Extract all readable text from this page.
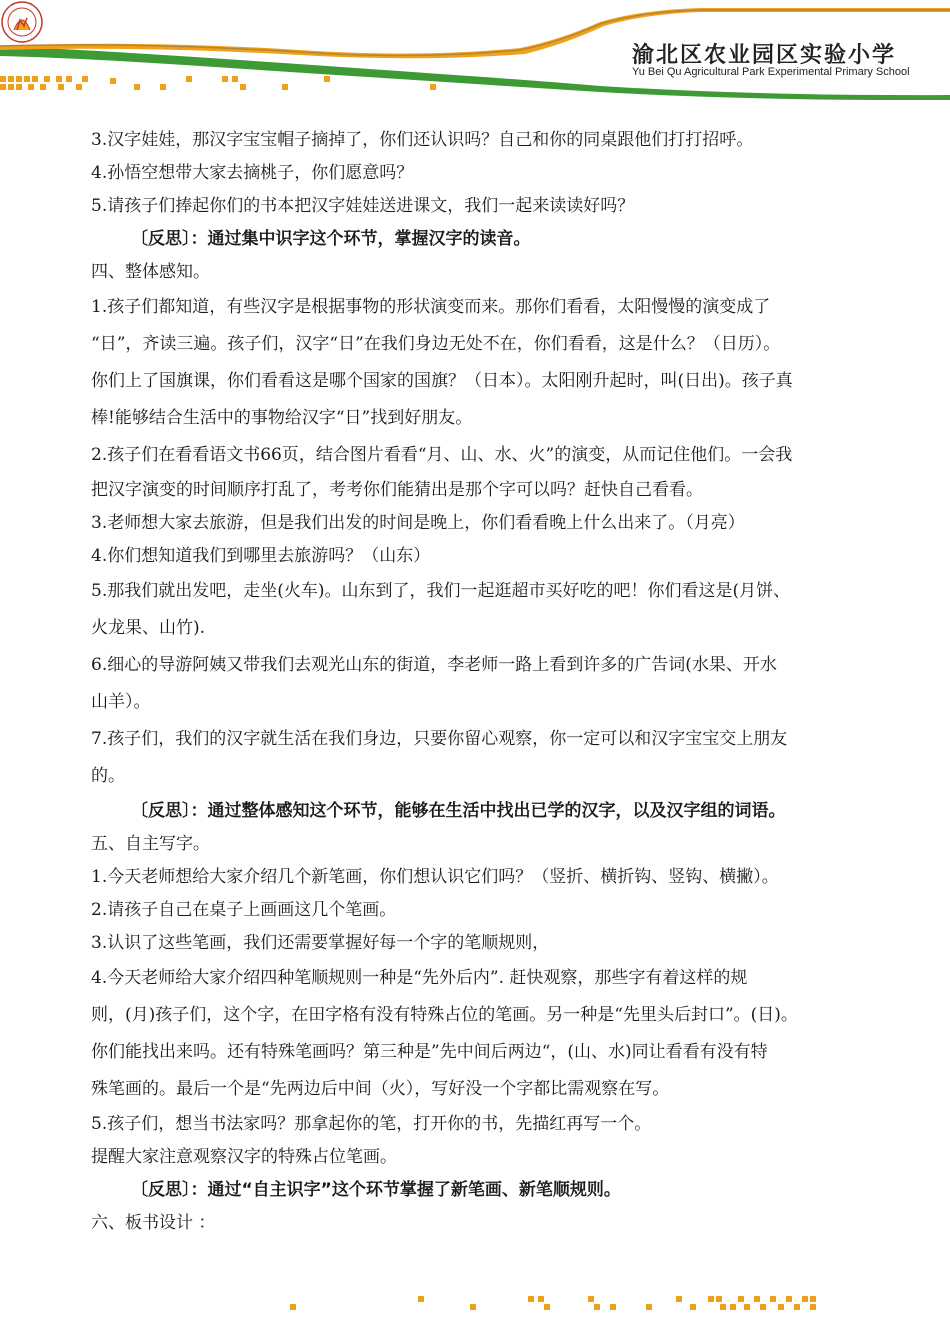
渝北区农业园区实验小学
Yu Bei Qu Agricultural Park Experimental Primary School
3.汉字娃娃，那汉字宝宝帽子摘掉了，你们还认识吗？自己和你的同桌跟他们打打招呼。
4.孙悟空想带大家去摘桃子，你们愿意吗？
5.请孩子们捧起你们的书本把汉字娃娃送进课文，我们一起来读读好吗？
〔反思〕：通过集中识字这个环节，掌握汉字的读音。
四、整体感知。
1.孩子们都知道，有些汉字是根据事物的形状演变而来。那你们看看，太阳慢慢的演变成了
“日”，齐读三遍。孩子们，汉字“日”在我们身边无处不在，你们看看，这是什么？（日历）。
你们上了国旗课，你们看看这是哪个国家的国旗？（日本）。太阳刚升起时，叫(日出)。孩子真
棒!能够结合生活中的事物给汉字“日”找到好朋友。
2.孩子们在看看语文书66页，结合图片看看“月、山、水、火”的演变，从而记住他们。一会我
把汉字演变的时间顺序打乱了，考考你们能猜出是那个字可以吗？赶快自己看看。
3.老师想大家去旅游，但是我们出发的时间是晚上，你们看看晚上什么出来了。（月亮）
4.你们想知道我们到哪里去旅游吗？（山东）
5.那我们就出发吧，走坐(火车)。山东到了，我们一起逛超市买好吃的吧！你们看这是(月饼、
火龙果、山竹).
6.细心的导游阿姨又带我们去观光山东的街道，李老师一路上看到许多的广告词(水果、开水
山羊）。
7.孩子们，我们的汉字就生活在我们身边，只要你留心观察，你一定可以和汉字宝宝交上朋友
的。
〔反思〕：通过整体感知这个环节，能够在生活中找出已学的汉字，以及汉字组的词语。
五、自主写字。
1.今天老师想给大家介绍几个新笔画，你们想认识它们吗？（竖折、横折钩、竖钩、横撇）。
2.请孩子自己在桌子上画画这几个笔画。
3.认识了这些笔画，我们还需要掌握好每一个字的笔顺规则，
4.今天老师给大家介绍四种笔顺规则一种是“先外后内”. 赶快观察，那些字有着这样的规
则，(月)孩子们，这个字，在田字格有没有特殊占位的笔画。另一种是“先里头后封口”。(日)。
你们能找出来吗。还有特殊笔画吗？第三种是”先中间后两边“，(山、水)同让看看有没有特
殊笔画的。最后一个是“先两边后中间（火），写好没一个字都比需观察在写。
5.孩子们，想当书法家吗？那拿起你的笔，打开你的书，先描红再写一个。
提醒大家注意观察汉字的特殊占位笔画。
〔反思〕：通过“自主识字”这个环节掌握了新笔画、新笔顺规则。
六、板书设计 ：
